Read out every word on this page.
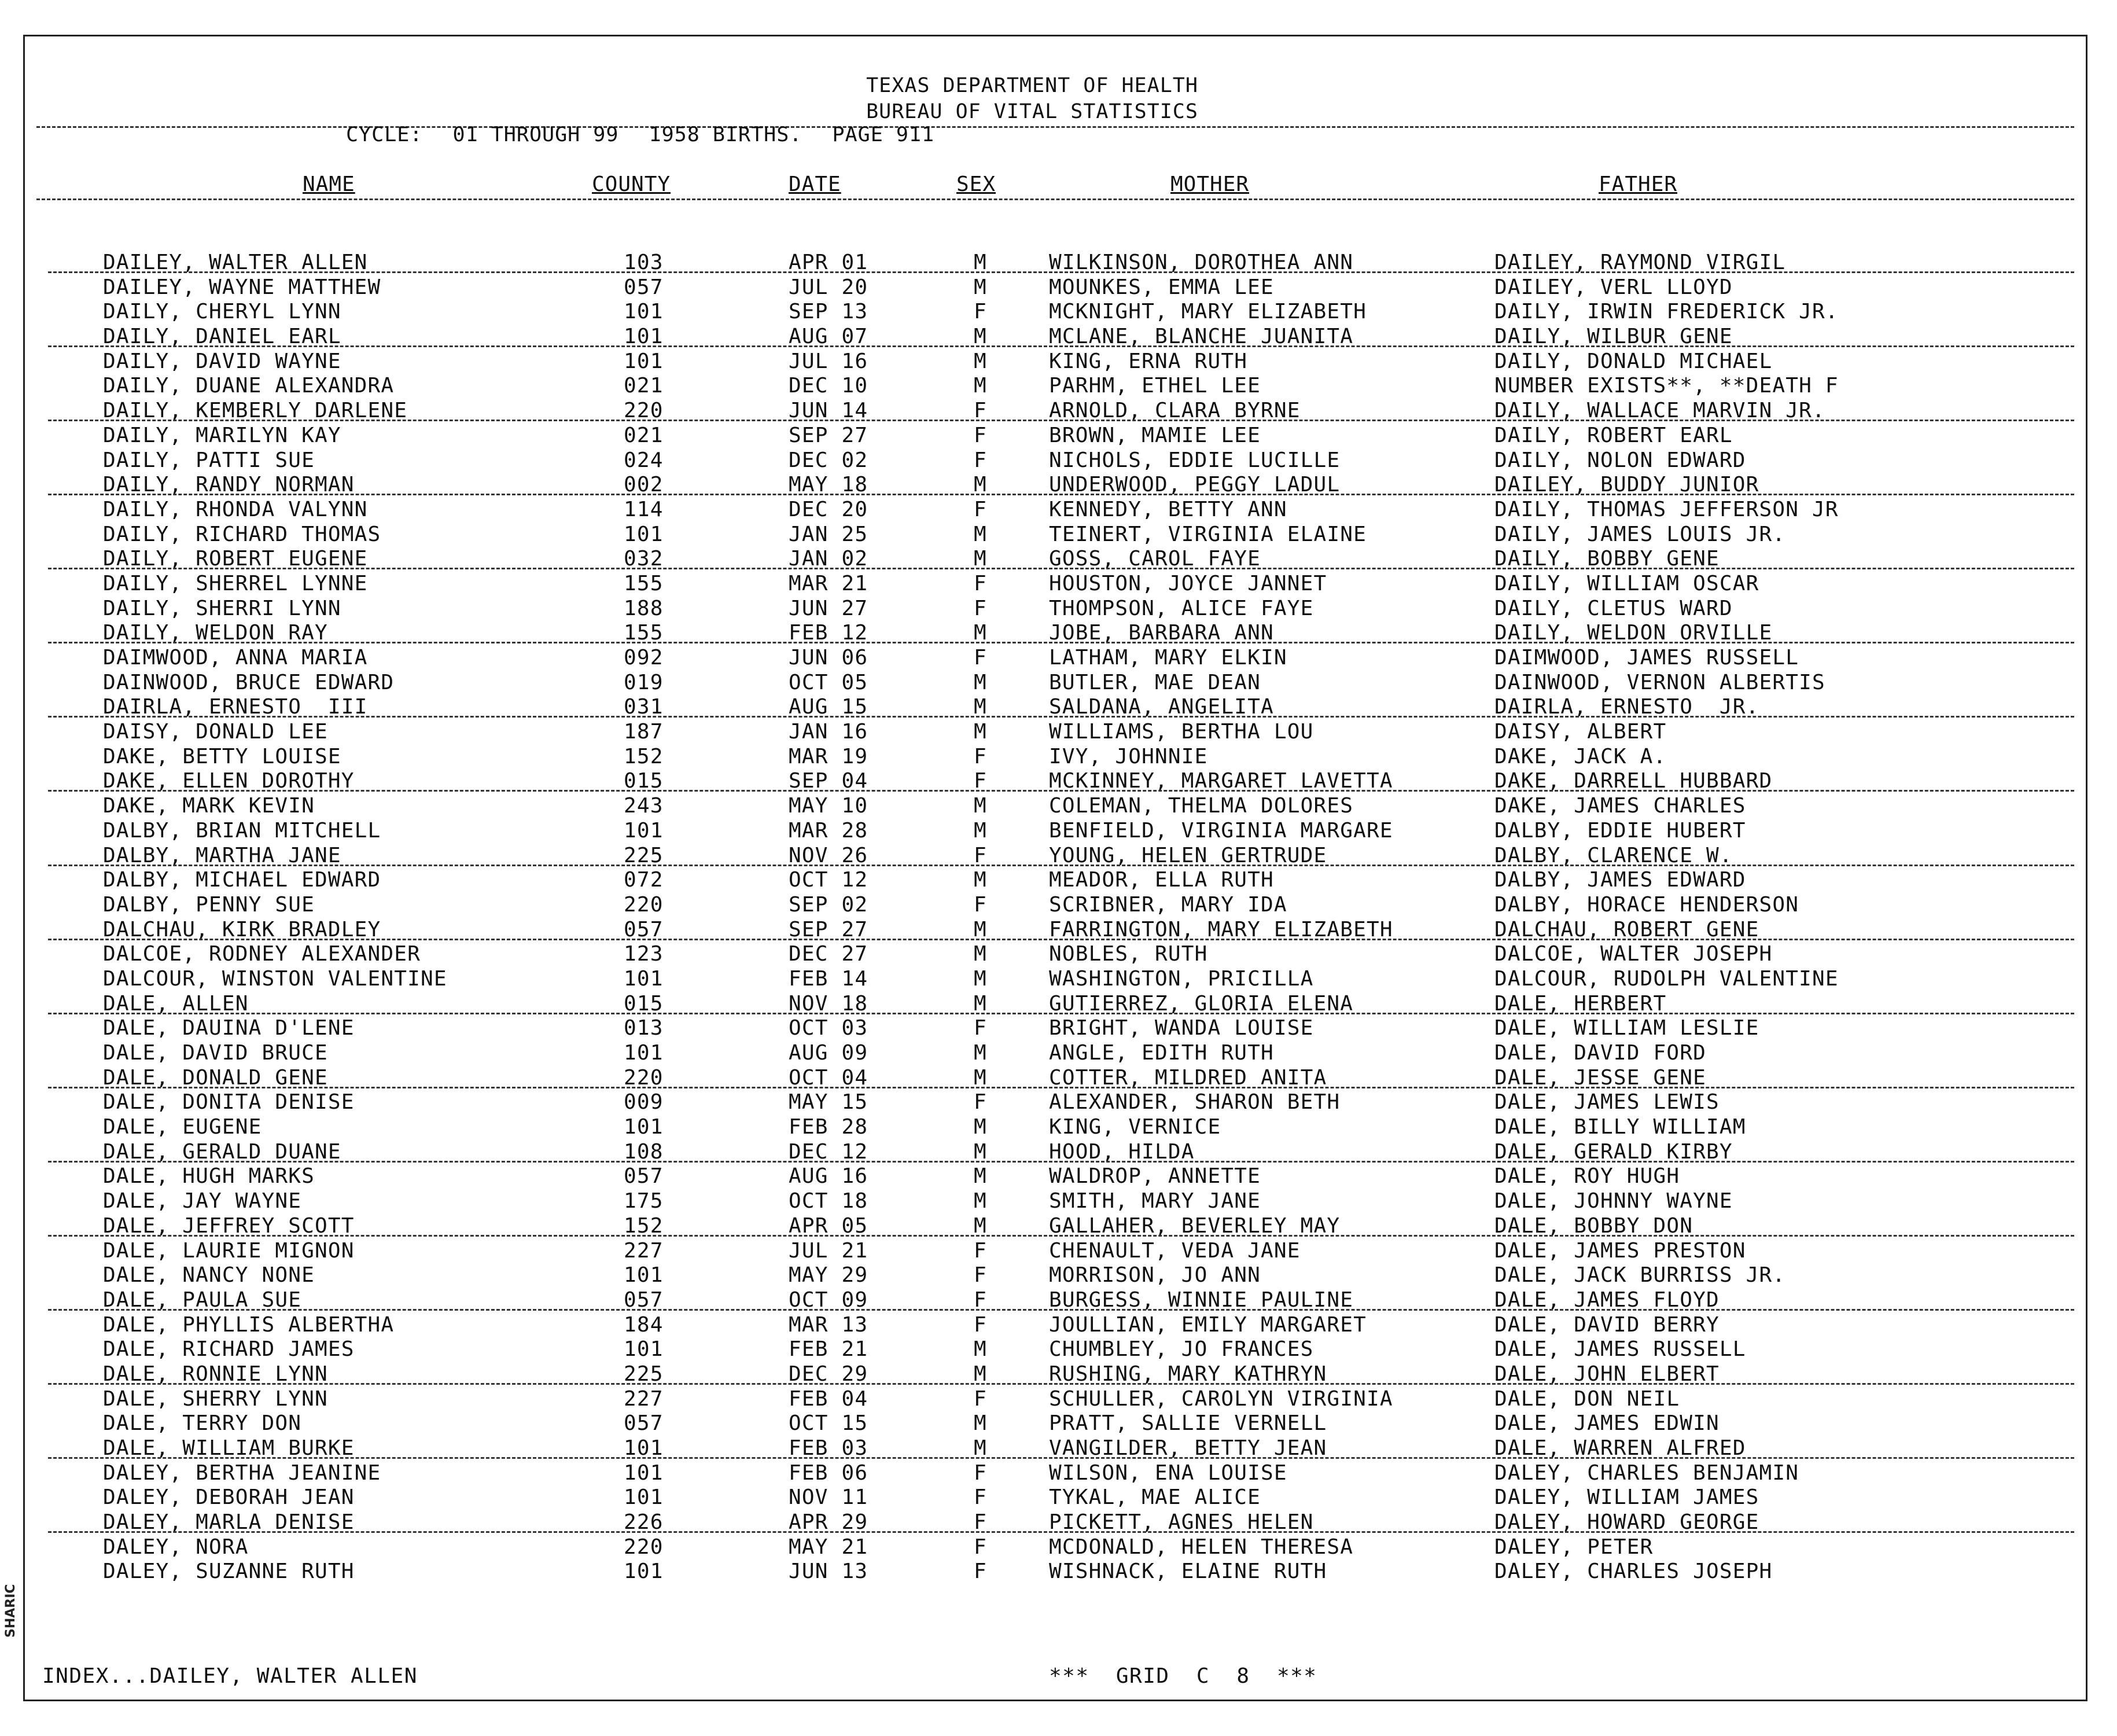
TEXAS DEPARTMENT OF HEALTH
BUREAU OF VITAL STATISTICS
CYCLE: 01 THROUGH 99 1958 BIRTHS. PAGE 911
NAME	COUNTY	DATE	SEX	MOTHER	FATHER
DAILEY, WALTER ALLEN	103	APR 01	M	WILKINSON, DOROTHEA ANN	DAILEY, RAYMOND VIRGIL
DAILEY, WAYNE MATTHEW	057	JUL 20	M	MOUNKES, EMMA LEE	DAILEY, VERL LLOYD
DAILY, CHERYL LYNN	101	SEP 13	F	MCKNIGHT, MARY ELIZABETH	DAILY, IRWIN FREDERICK JR.
DAILY, DANIEL EARL	101	AUG 07	M	MCLANE, BLANCHE JUANITA	DAILY, WILBUR GENE
DAILY, DAVID WAYNE	101	JUL 16	M	KING, ERNA RUTH	DAILY, DONALD MICHAEL
DAILY, DUANE ALEXANDRA	021	DEC 10	M	PARHM, ETHEL LEE	NUMBER EXISTS**, **DEATH F
DAILY, KEMBERLY DARLENE	220	JUN 14	F	ARNOLD, CLARA BYRNE	DAILY, WALLACE MARVIN JR.
DAILY, MARILYN KAY	021	SEP 27	F	BROWN, MAMIE LEE	DAILY, ROBERT EARL
DAILY, PATTI SUE	024	DEC 02	F	NICHOLS, EDDIE LUCILLE	DAILY, NOLON EDWARD
DAILY, RANDY NORMAN	002	MAY 18	M	UNDERWOOD, PEGGY LADUL	DAILEY, BUDDY JUNIOR
DAILY, RHONDA VALYNN	114	DEC 20	F	KENNEDY, BETTY ANN	DAILY, THOMAS JEFFERSON JR
DAILY, RICHARD THOMAS	101	JAN 25	M	TEINERT, VIRGINIA ELAINE	DAILY, JAMES LOUIS JR.
DAILY, ROBERT EUGENE	032	JAN 02	M	GOSS, CAROL FAYE	DAILY, BOBBY GENE
DAILY, SHERREL LYNNE	155	MAR 21	F	HOUSTON, JOYCE JANNET	DAILY, WILLIAM OSCAR
DAILY, SHERRI LYNN	188	JUN 27	F	THOMPSON, ALICE FAYE	DAILY, CLETUS WARD
DAILY, WELDON RAY	155	FEB 12	M	JOBE, BARBARA ANN	DAILY, WELDON ORVILLE
DAIMWOOD, ANNA MARIA	092	JUN 06	F	LATHAM, MARY ELKIN	DAIMWOOD, JAMES RUSSELL
DAINWOOD, BRUCE EDWARD	019	OCT 05	M	BUTLER, MAE DEAN	DAINWOOD, VERNON ALBERTIS
DAIRLA, ERNESTO  III	031	AUG 15	M	SALDANA, ANGELITA	DAIRLA, ERNESTO  JR.
DAISY, DONALD LEE	187	JAN 16	M	WILLIAMS, BERTHA LOU	DAISY, ALBERT
DAKE, BETTY LOUISE	152	MAR 19	F	IVY, JOHNNIE	DAKE, JACK A.
DAKE, ELLEN DOROTHY	015	SEP 04	F	MCKINNEY, MARGARET LAVETTA	DAKE, DARRELL HUBBARD
DAKE, MARK KEVIN	243	MAY 10	M	COLEMAN, THELMA DOLORES	DAKE, JAMES CHARLES
DALBY, BRIAN MITCHELL	101	MAR 28	M	BENFIELD, VIRGINIA MARGARE	DALBY, EDDIE HUBERT
DALBY, MARTHA JANE	225	NOV 26	F	YOUNG, HELEN GERTRUDE	DALBY, CLARENCE W.
DALBY, MICHAEL EDWARD	072	OCT 12	M	MEADOR, ELLA RUTH	DALBY, JAMES EDWARD
DALBY, PENNY SUE	220	SEP 02	F	SCRIBNER, MARY IDA	DALBY, HORACE HENDERSON
DALCHAU, KIRK BRADLEY	057	SEP 27	M	FARRINGTON, MARY ELIZABETH	DALCHAU, ROBERT GENE
DALCOE, RODNEY ALEXANDER	123	DEC 27	M	NOBLES, RUTH	DALCOE, WALTER JOSEPH
DALCOUR, WINSTON VALENTINE	101	FEB 14	M	WASHINGTON, PRICILLA	DALCOUR, RUDOLPH VALENTINE
DALE, ALLEN	015	NOV 18	M	GUTIERREZ, GLORIA ELENA	DALE, HERBERT
DALE, DAUINA D'LENE	013	OCT 03	F	BRIGHT, WANDA LOUISE	DALE, WILLIAM LESLIE
DALE, DAVID BRUCE	101	AUG 09	M	ANGLE, EDITH RUTH	DALE, DAVID FORD
DALE, DONALD GENE	220	OCT 04	M	COTTER, MILDRED ANITA	DALE, JESSE GENE
DALE, DONITA DENISE	009	MAY 15	F	ALEXANDER, SHARON BETH	DALE, JAMES LEWIS
DALE, EUGENE	101	FEB 28	M	KING, VERNICE	DALE, BILLY WILLIAM
DALE, GERALD DUANE	108	DEC 12	M	HOOD, HILDA	DALE, GERALD KIRBY
DALE, HUGH MARKS	057	AUG 16	M	WALDROP, ANNETTE	DALE, ROY HUGH
DALE, JAY WAYNE	175	OCT 18	M	SMITH, MARY JANE	DALE, JOHNNY WAYNE
DALE, JEFFREY SCOTT	152	APR 05	M	GALLAHER, BEVERLEY MAY	DALE, BOBBY DON
DALE, LAURIE MIGNON	227	JUL 21	F	CHENAULT, VEDA JANE	DALE, JAMES PRESTON
DALE, NANCY NONE	101	MAY 29	F	MORRISON, JO ANN	DALE, JACK BURRISS JR.
DALE, PAULA SUE	057	OCT 09	F	BURGESS, WINNIE PAULINE	DALE, JAMES FLOYD
DALE, PHYLLIS ALBERTHA	184	MAR 13	F	JOULLIAN, EMILY MARGARET	DALE, DAVID BERRY
DALE, RICHARD JAMES	101	FEB 21	M	CHUMBLEY, JO FRANCES	DALE, JAMES RUSSELL
DALE, RONNIE LYNN	225	DEC 29	M	RUSHING, MARY KATHRYN	DALE, JOHN ELBERT
DALE, SHERRY LYNN	227	FEB 04	F	SCHULLER, CAROLYN VIRGINIA	DALE, DON NEIL
DALE, TERRY DON	057	OCT 15	M	PRATT, SALLIE VERNELL	DALE, JAMES EDWIN
DALE, WILLIAM BURKE	101	FEB 03	M	VANGILDER, BETTY JEAN	DALE, WARREN ALFRED
DALEY, BERTHA JEANINE	101	FEB 06	F	WILSON, ENA LOUISE	DALEY, CHARLES BENJAMIN
DALEY, DEBORAH JEAN	101	NOV 11	F	TYKAL, MAE ALICE	DALEY, WILLIAM JAMES
DALEY, MARLA DENISE	226	APR 29	F	PICKETT, AGNES HELEN	DALEY, HOWARD GEORGE
DALEY, NORA	220	MAY 21	F	MCDONALD, HELEN THERESA	DALEY, PETER
DALEY, SUZANNE RUTH	101	JUN 13	F	WISHNACK, ELAINE RUTH	DALEY, CHARLES JOSEPH
INDEX...DAILEY, WALTER ALLEN	***  GRID  C  8  ***
SHARIC
